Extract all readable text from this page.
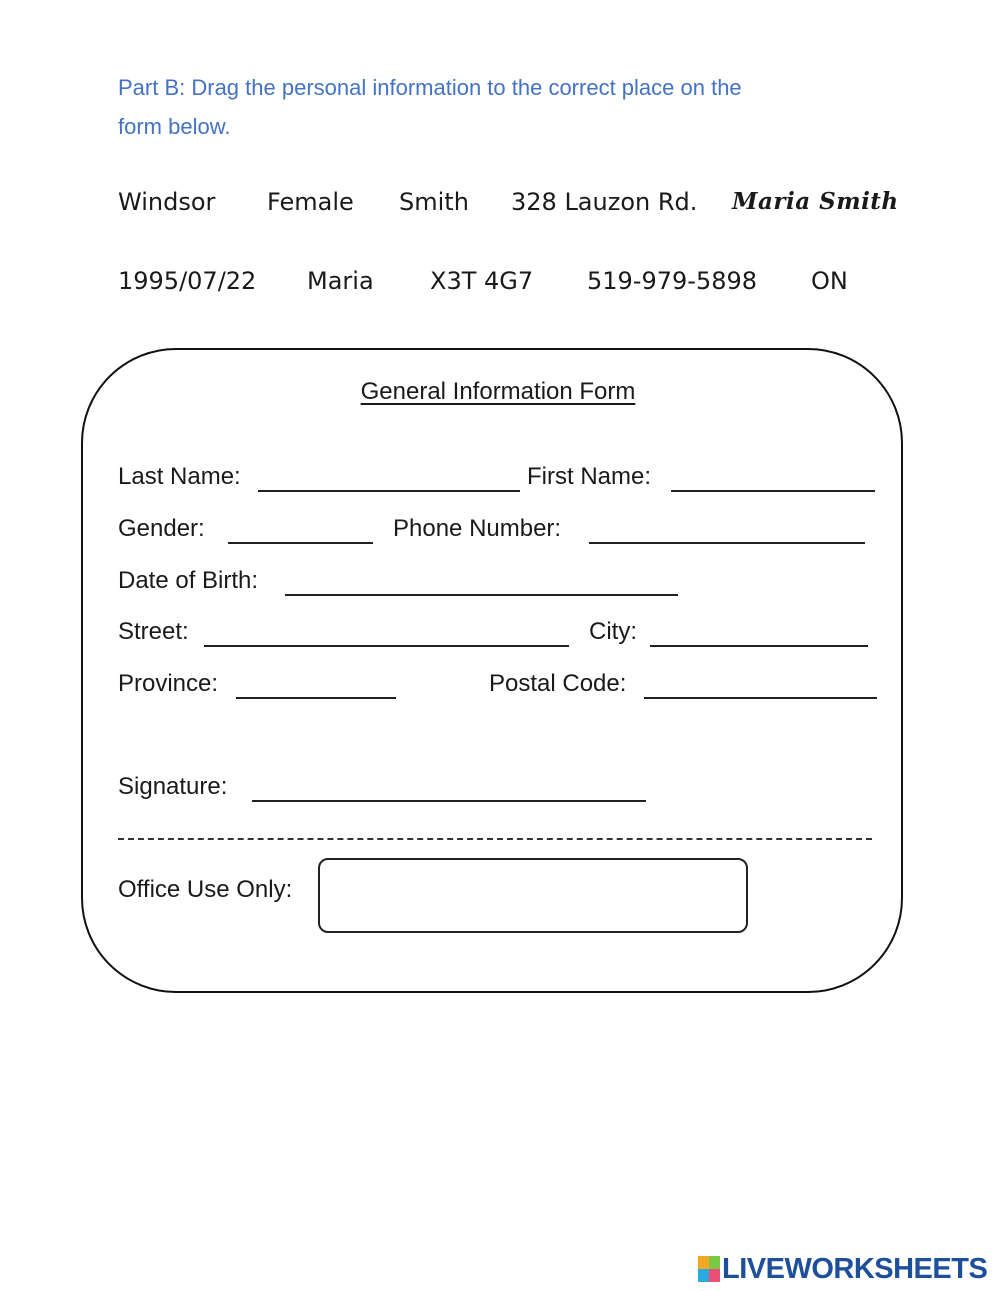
Part B: Drag the personal information to the correct place on the
form below.
Windsor Female Smith 328 Lauzon Rd. Maria Smith
1995/07/22 Maria X3T 4G7 519-979-5898 ON
General Information Form
Last Name:	First Name:
Gender:	Phone Number:
Date of Birth:
Street:	City:
Province:	Postal Code:
Signature:
Office Use Only:
LIVEWORKSHEETS
